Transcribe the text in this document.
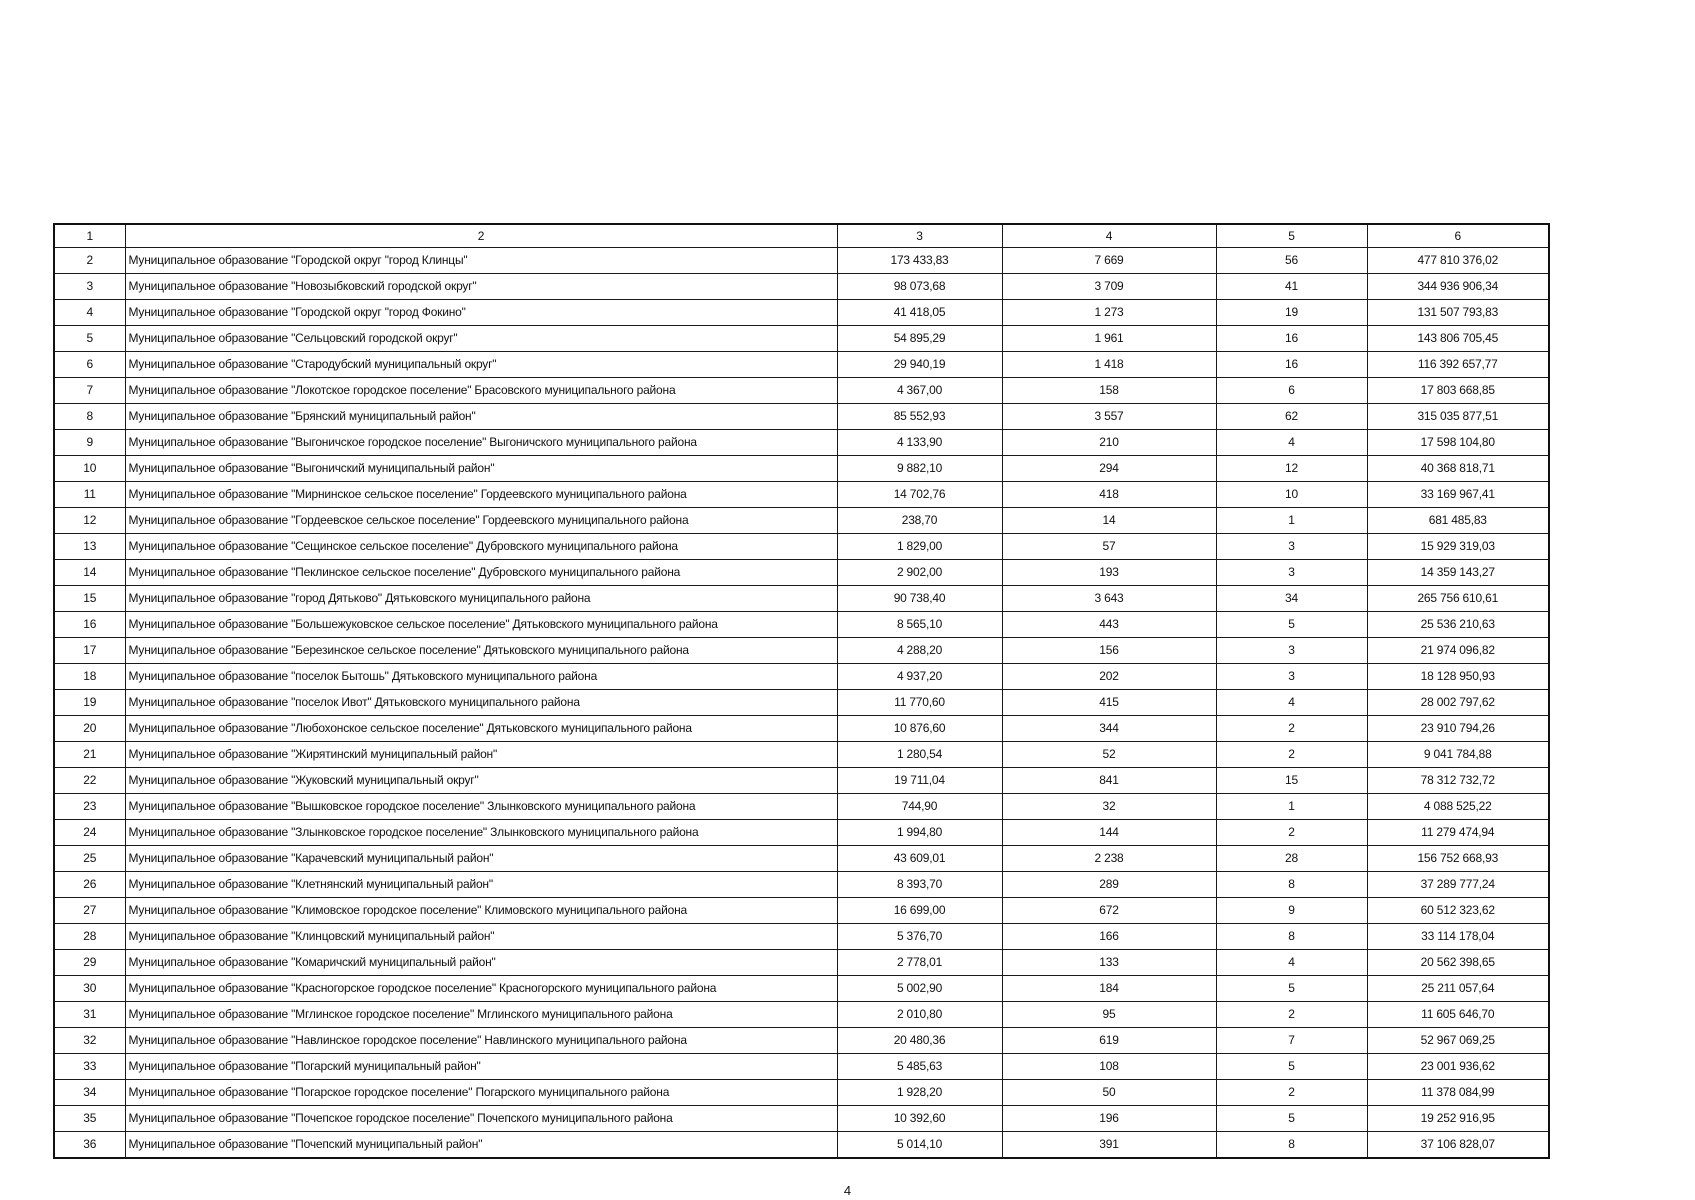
1	2	3	4	5	6
2	Муниципальное образование "Городской округ "город Клинцы"	173 433,83	7 669	56	477 810 376,02
3	Муниципальное образование "Новозыбковский городской округ"	98 073,68	3 709	41	344 936 906,34
4	Муниципальное образование "Городской округ "город Фокино"	41 418,05	1 273	19	131 507 793,83
5	Муниципальное образование "Сельцовский городской округ"	54 895,29	1 961	16	143 806 705,45
6	Муниципальное образование "Стародубский муниципальный округ"	29 940,19	1 418	16	116 392 657,77
7	Муниципальное образование "Локотское городское поселение" Брасовского муниципального района	4 367,00	158	6	17 803 668,85
8	Муниципальное образование "Брянский муниципальный район"	85 552,93	3 557	62	315 035 877,51
9	Муниципальное образование "Выгоничское городское поселение" Выгоничского муниципального района	4 133,90	210	4	17 598 104,80
10	Муниципальное образование "Выгоничский муниципальный район"	9 882,10	294	12	40 368 818,71
11	Муниципальное образование "Мирнинское сельское поселение" Гордеевского муниципального района	14 702,76	418	10	33 169 967,41
12	Муниципальное образование "Гордеевское сельское поселение" Гордеевского муниципального района	238,70	14	1	681 485,83
13	Муниципальное образование "Сещинское сельское поселение" Дубровского муниципального района	1 829,00	57	3	15 929 319,03
14	Муниципальное образование "Пеклинское сельское поселение" Дубровского муниципального района	2 902,00	193	3	14 359 143,27
15	Муниципальное образование "город Дятьково" Дятьковского муниципального района	90 738,40	3 643	34	265 756 610,61
16	Муниципальное образование "Большежуковское сельское поселение" Дятьковского муниципального района	8 565,10	443	5	25 536 210,63
17	Муниципальное образование "Березинское сельское поселение" Дятьковского муниципального района	4 288,20	156	3	21 974 096,82
18	Муниципальное образование "поселок Бытошь" Дятьковского муниципального района	4 937,20	202	3	18 128 950,93
19	Муниципальное образование "поселок Ивот" Дятьковского муниципального района	11 770,60	415	4	28 002 797,62
20	Муниципальное образование "Любохонское сельское поселение" Дятьковского муниципального района	10 876,60	344	2	23 910 794,26
21	Муниципальное образование "Жирятинский муниципальный район"	1 280,54	52	2	9 041 784,88
22	Муниципальное образование "Жуковский муниципальный округ"	19 711,04	841	15	78 312 732,72
23	Муниципальное образование "Вышковское городское поселение" Злынковского муниципального района	744,90	32	1	4 088 525,22
24	Муниципальное образование "Злынковское городское поселение" Злынковского муниципального района	1 994,80	144	2	11 279 474,94
25	Муниципальное образование "Карачевский муниципальный район"	43 609,01	2 238	28	156 752 668,93
26	Муниципальное образование "Клетнянский муниципальный район"	8 393,70	289	8	37 289 777,24
27	Муниципальное образование "Климовское городское поселение" Климовского муниципального района	16 699,00	672	9	60 512 323,62
28	Муниципальное образование "Клинцовский муниципальный район"	5 376,70	166	8	33 114 178,04
29	Муниципальное образование "Комаричский муниципальный район"	2 778,01	133	4	20 562 398,65
30	Муниципальное образование "Красногорское городское поселение" Красногорского муниципального района	5 002,90	184	5	25 211 057,64
31	Муниципальное образование "Мглинское городское поселение" Мглинского муниципального района	2 010,80	95	2	11 605 646,70
32	Муниципальное образование "Навлинское городское поселение" Навлинского муниципального района	20 480,36	619	7	52 967 069,25
33	Муниципальное образование "Погарский муниципальный район"	5 485,63	108	5	23 001 936,62
34	Муниципальное образование "Погарское городское поселение" Погарского муниципального района	1 928,20	50	2	11 378 084,99
35	Муниципальное образование "Почепское городское поселение" Почепского муниципального района	10 392,60	196	5	19 252 916,95
36	Муниципальное образование "Почепский муниципальный район"	5 014,10	391	8	37 106 828,07
4
